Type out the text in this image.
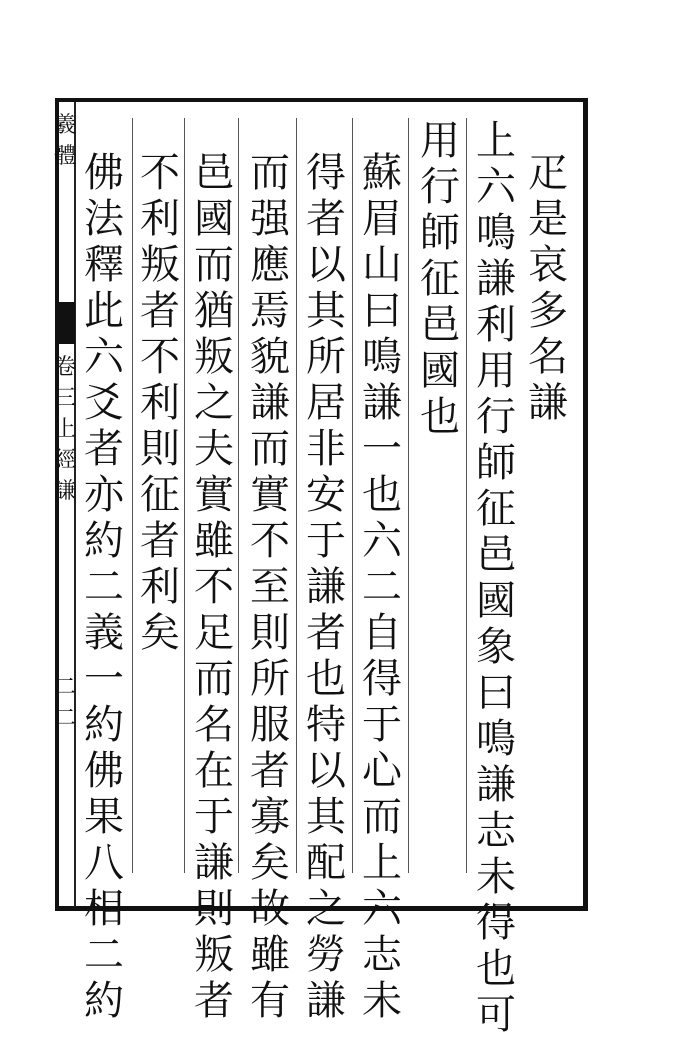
羲
體
卷
三
上
經
謙
二
二
疋
是
哀
多
名
謙
上
六
鳴
謙
利
用
行
師
征
邑
國
象
曰
鳴
謙
志
未
得
也
可
用
行
師
征
邑
國
也
蘇
眉
山
曰
鳴
謙
一
也
六
二
自
得
于
心
而
上
六
志
未
得
者
以
其
所
居
非
安
于
謙
者
也
特
以
其
配
之
勞
謙
而
强
應
焉
貌
謙
而
實
不
至
則
所
服
者
寡
矣
故
雖
有
邑
國
而
猶
叛
之
夫
實
雖
不
足
而
名
在
于
謙
則
叛
者
不
利
叛
者
不
利
則
征
者
利
矣
佛
法
釋
此
六
爻
者
亦
約
二
義
一
約
佛
果
八
相
二
約
